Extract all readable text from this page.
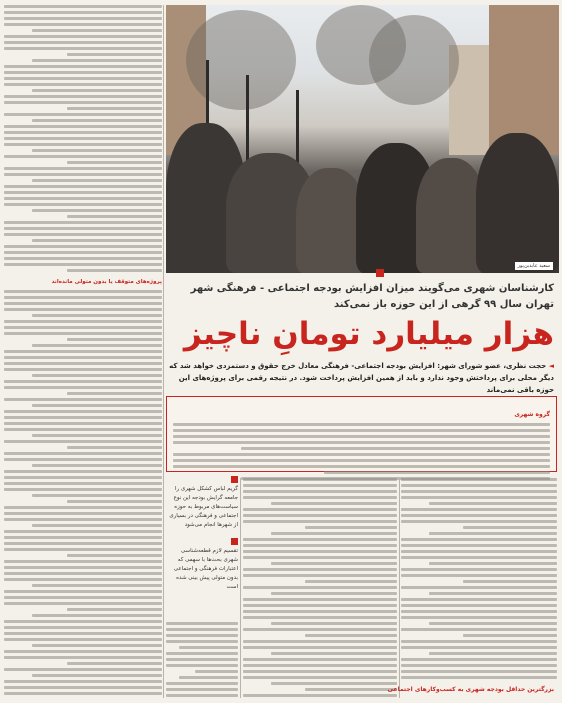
پروژه‌های متوقف یا بدون متولی مانده‌اند
سعید عابدین‌پور
کارشناسان شهری می‌گویند میزان افزایش بودجه اجتماعی - فرهنگی شهر تهران سال ۹۹ گرهی از این حوزه باز نمی‌کند
هزار میلیارد تومانِ ناچیز
◄ حجت نظری، عضو شورای شهر: افزایش بودجه اجتماعی- فرهنگی معادل خرج حقوق و دستمزدی خواهد شد که دیگر محلی برای پرداختش وجود ندارد و باید از همین افزایش پرداخت شود. در نتیجه رقمی برای پروژه‌های این حوزه باقی نمی‌ماند
گروه شهری
گریم لباس کشکل شهری را جامعه گرایش بودجه این نوع سیاست‌های مربوط به حوزه اجتماعی و فرهنگی در بسیاری از شهرها انجام می‌شود
تقسیم لازم قطعه‌شناسی شهری بحث‌ها با سهمی که اعتبارات فرهنگی و اجتماعی بدون متولی پیش بینی شده است
بزرگترین حداقل بودجه شهری به کسب‌وکارهای اجتماعی
